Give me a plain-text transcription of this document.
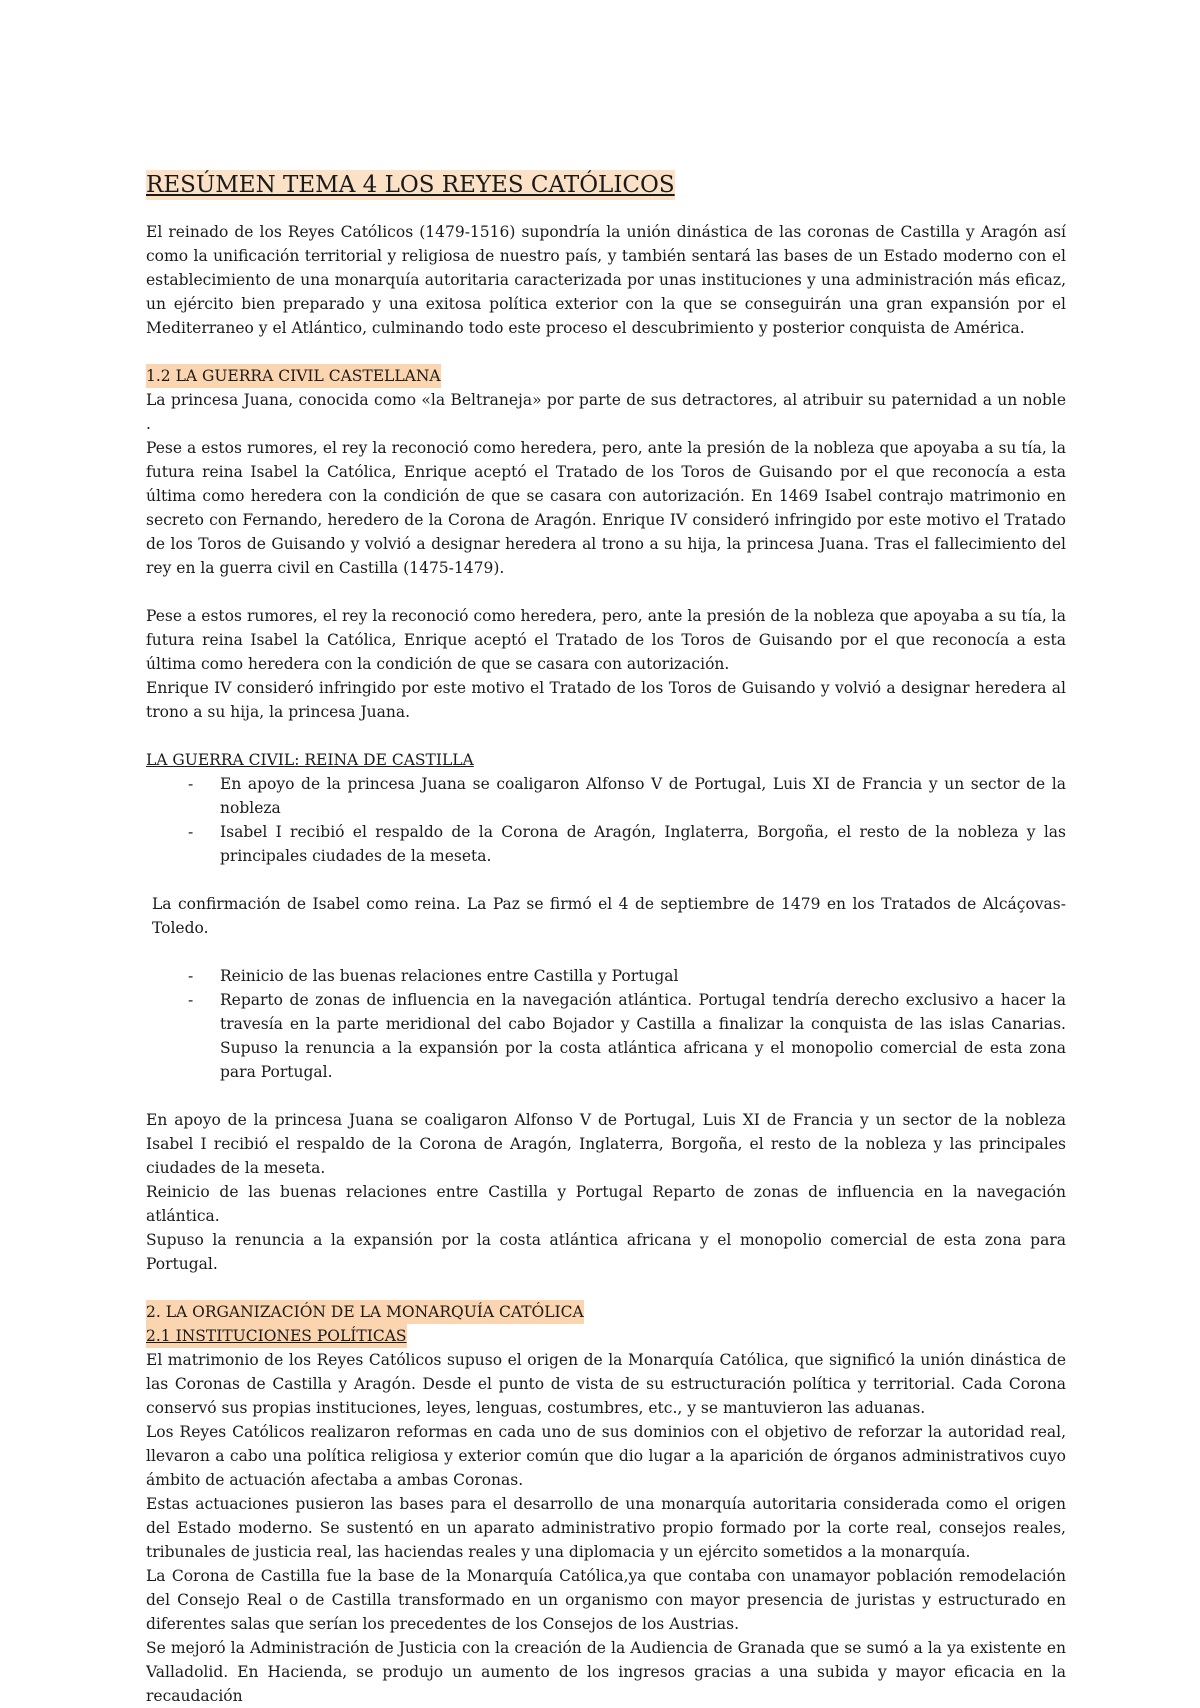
RESÚMEN TEMA 4 LOS REYES CATÓLICOS

El reinado de los Reyes Católicos (1479-1516) supondría la unión dinástica de las coronas de Castilla y Aragón así como la unificación territorial y religiosa de nuestro país, y también sentará las bases de un Estado moderno con el establecimiento de una monarquía autoritaria caracterizada por unas instituciones y una administración más eficaz, un ejército bien preparado y una exitosa política exterior con la que se conseguirán una gran expansión por el Mediterraneo y el Atlántico, culminando todo este proceso el descubrimiento y posterior conquista de América.

1.2 LA GUERRA CIVIL CASTELLANA

La princesa Juana, conocida como «la Beltraneja» por parte de sus detractores, al atribuir su paternidad a un noble .

Pese a estos rumores, el rey la reconoció como heredera, pero, ante la presión de la nobleza que apoyaba a su tía, la futura reina Isabel la Católica, Enrique aceptó el Tratado de los Toros de Guisando por el que reconocía a esta última como heredera con la condición de que se casara con autorización. En 1469 Isabel contrajo matrimonio en secreto con Fernando, heredero de la Corona de Aragón. Enrique IV consideró infringido por este motivo el Tratado de los Toros de Guisando y volvió a designar heredera al trono a su hija, la princesa Juana. Tras el fallecimiento del rey en la guerra civil en Castilla (1475-1479).

Pese a estos rumores, el rey la reconoció como heredera, pero, ante la presión de la nobleza que apoyaba a su tía, la futura reina Isabel la Católica, Enrique aceptó el Tratado de los Toros de Guisando por el que reconocía a esta última como heredera con la condición de que se casara con autorización.

Enrique IV consideró infringido por este motivo el Tratado de los Toros de Guisando y volvió a designar heredera al trono a su hija, la princesa Juana.

LA GUERRA CIVIL: REINA DE CASTILLA
- En apoyo de la princesa Juana se coaligaron Alfonso V de Portugal, Luis XI de Francia y un sector de la nobleza
- Isabel I recibió el respaldo de la Corona de Aragón, Inglaterra, Borgoña, el resto de la nobleza y las principales ciudades de la meseta.

La confirmación de Isabel como reina. La Paz se firmó el 4 de septiembre de 1479 en los Tratados de Alcáçovas-Toledo.

- Reinicio de las buenas relaciones entre Castilla y Portugal
- Reparto de zonas de influencia en la navegación atlántica. Portugal tendría derecho exclusivo a hacer la travesía en la parte meridional del cabo Bojador y Castilla a finalizar la conquista de las islas Canarias. Supuso la renuncia a la expansión por la costa atlántica africana y el monopolio comercial de esta zona para Portugal.

En apoyo de la princesa Juana se coaligaron Alfonso V de Portugal, Luis XI de Francia y un sector de la nobleza Isabel I recibió el respaldo de la Corona de Aragón, Inglaterra, Borgoña, el resto de la nobleza y las principales ciudades de la meseta.

Reinicio de las buenas relaciones entre Castilla y Portugal Reparto de zonas de influencia en la navegación atlántica.

Supuso la renuncia a la expansión por la costa atlántica africana y el monopolio comercial de esta zona para Portugal.

2. LA ORGANIZACIÓN DE LA MONARQUÍA CATÓLICA
2.1 INSTITUCIONES POLÍTICAS

El matrimonio de los Reyes Católicos supuso el origen de la Monarquía Católica, que significó la unión dinástica de las Coronas de Castilla y Aragón. Desde el punto de vista de su estructuración política y territorial. Cada Corona conservó sus propias instituciones, leyes, lenguas, costumbres, etc., y se mantuvieron las aduanas.

Los Reyes Católicos realizaron reformas en cada uno de sus dominios con el objetivo de reforzar la autoridad real, llevaron a cabo una política religiosa y exterior común que dio lugar a la aparición de órganos administrativos cuyo ámbito de actuación afectaba a ambas Coronas.

Estas actuaciones pusieron las bases para el desarrollo de una monarquía autoritaria considerada como el origen del Estado moderno. Se sustentó en un aparato administrativo propio formado por la corte real, consejos reales, tribunales de justicia real, las haciendas reales y una diplomacia y un ejército sometidos a la monarquía.

La Corona de Castilla fue la base de la Monarquía Católica,ya que contaba con unamayor población remodelación del Consejo Real o de Castilla transformado en un organismo con mayor presencia de juristas y estructurado en diferentes salas que serían los precedentes de los Consejos de los Austrias.

Se mejoró la Administración de Justicia con la creación de la Audiencia de Granada que se sumó a la ya existente en Valladolid. En Hacienda, se produjo un aumento de los ingresos gracias a una subida y mayor eficacia en la recaudación
